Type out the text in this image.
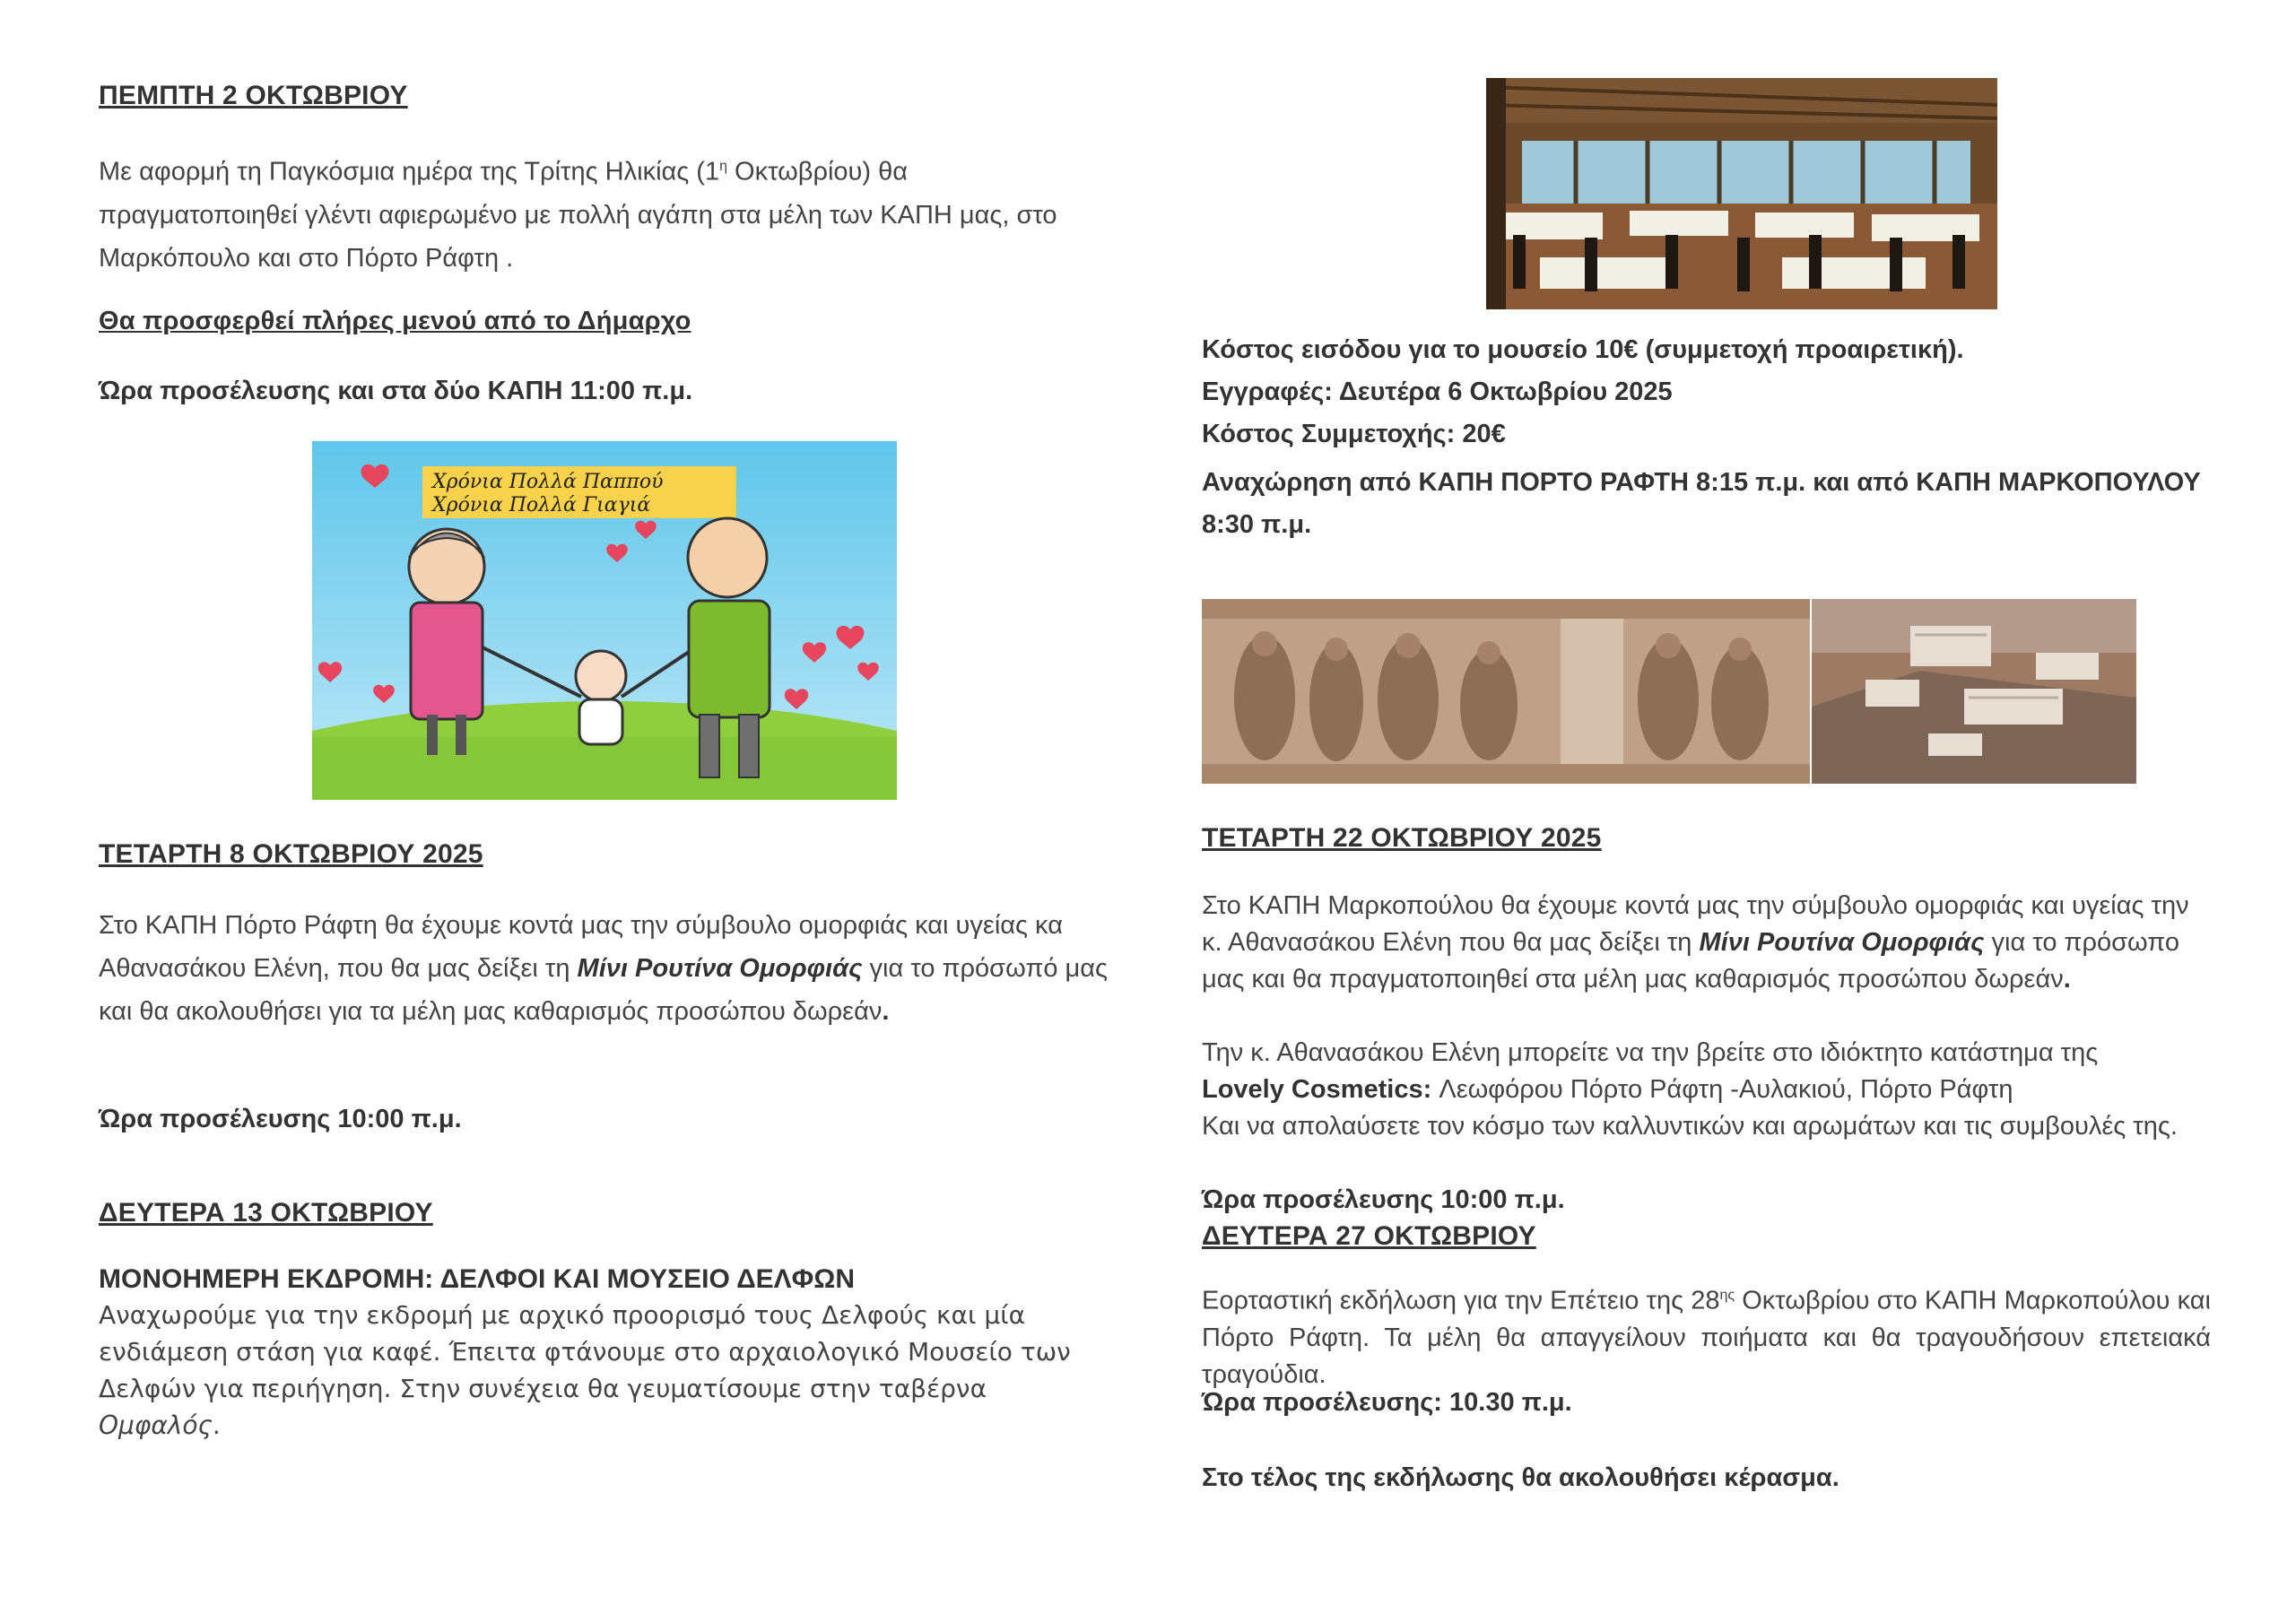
ΠΕΜΠΤΗ 2 ΟΚΤΩΒΡΙΟΥ

Με αφορμή τη Παγκόσμια ημέρα της Τρίτης Ηλικίας ($1^\eta$ Οκτωβρίου) θα πραγματοποιηθεί γλέντι αφιερωμένο με πολλή αγάπη στα μέλη των ΚΑΠΗ μας, στο Μαρκόπουλο και στο Πόρτο Ράφτη .

Θα προσφερθεί πλήρες μενού από το Δήμαρχο
Ώρα προσέλευσης και στα δύο ΚΑΠΗ 11:00 π.μ.
Χρόνια Πολλά Παππού
Χρόνια Πολλά Γιαγιά
ΤΕΤΑΡΤΗ 8 ΟΚΤΩΒΡΙΟΥ 2025

Στο ΚΑΠΗ Πόρτο Ράφτη θα έχουμε κοντά μας την σύμβουλο ομορφιάς και υγείας κα Αθανασάκου Ελένη, που θα μας δείξει τη Μίνι Ρουτίνα Ομορφιάς για το πρόσωπό μας και θα ακολουθήσει για τα μέλη μας καθαρισμός προσώπου δωρεάν.

Ώρα προσέλευσης 10:00 π.μ.
ΔΕΥΤΕΡΑ 13 ΟΚΤΩΒΡΙΟΥ
ΜΟΝΟΗΜΕΡΗ ΕΚΔΡΟΜΗ: ΔΕΛΦΟΙ ΚΑΙ ΜΟΥΣΕΙΟ ΔΕΛΦΩΝ

Αναχωρούμε για την εκδρομή με αρχικό προορισμό τους Δελφούς και μία ενδιάμεση στάση για καφέ. Έπειτα φτάνουμε στο αρχαιολογικό Μουσείο των Δελφών για περιήγηση. Στην συνέχεια θα γευματίσουμε στην ταβέρνα Ομφαλός.

Κόστος εισόδου για το μουσείο 10€ (συμμετοχή προαιρετική).
Εγγραφές: Δευτέρα 6 Οκτωβρίου 2025
Κόστος Συμμετοχής: 20€
Αναχώρηση από ΚΑΠΗ ΠΟΡΤΟ ΡΑΦΤΗ 8:15 π.μ. και από ΚΑΠΗ ΜΑΡΚΟΠΟΥΛΟΥ 8:30 π.μ.
ΤΕΤΑΡΤΗ 22 ΟΚΤΩΒΡΙΟΥ 2025

Στο ΚΑΠΗ Μαρκοπούλου θα έχουμε κοντά μας την σύμβουλο ομορφιάς και υγείας την κ. Αθανασάκου Ελένη που θα μας δείξει τη Μίνι Ρουτίνα Ομορφιάς για το πρόσωπο μας και θα πραγματοποιηθεί στα μέλη μας καθαρισμός προσώπου δωρεάν.

Την κ. Αθανασάκου Ελένη μπορείτε να την βρείτε στο ιδιόκτητο κατάστημα της

Lovely Cosmetics: Λεωφόρου Πόρτο Ράφτη -Αυλακιού, Πόρτο Ράφτη

Και να απολαύσετε τον κόσμο των καλλυντικών και αρωμάτων και τις συμβουλές της.

Ώρα προσέλευσης 10:00 π.μ.
ΔΕΥΤΕΡΑ 27 ΟΚΤΩΒΡΙΟΥ

Εορταστική εκδήλωση για την Επέτειο της $28^{\eta\varsigma}$ Οκτωβρίου στο ΚΑΠΗ Μαρκοπούλου και Πόρτο Ράφτη. Τα μέλη θα απαγγείλουν ποιήματα και θα τραγουδήσουν επετειακά τραγούδια.

Ώρα προσέλευσης: 10.30 π.μ.
Στο τέλος της εκδήλωσης θα ακολουθήσει κέρασμα.
